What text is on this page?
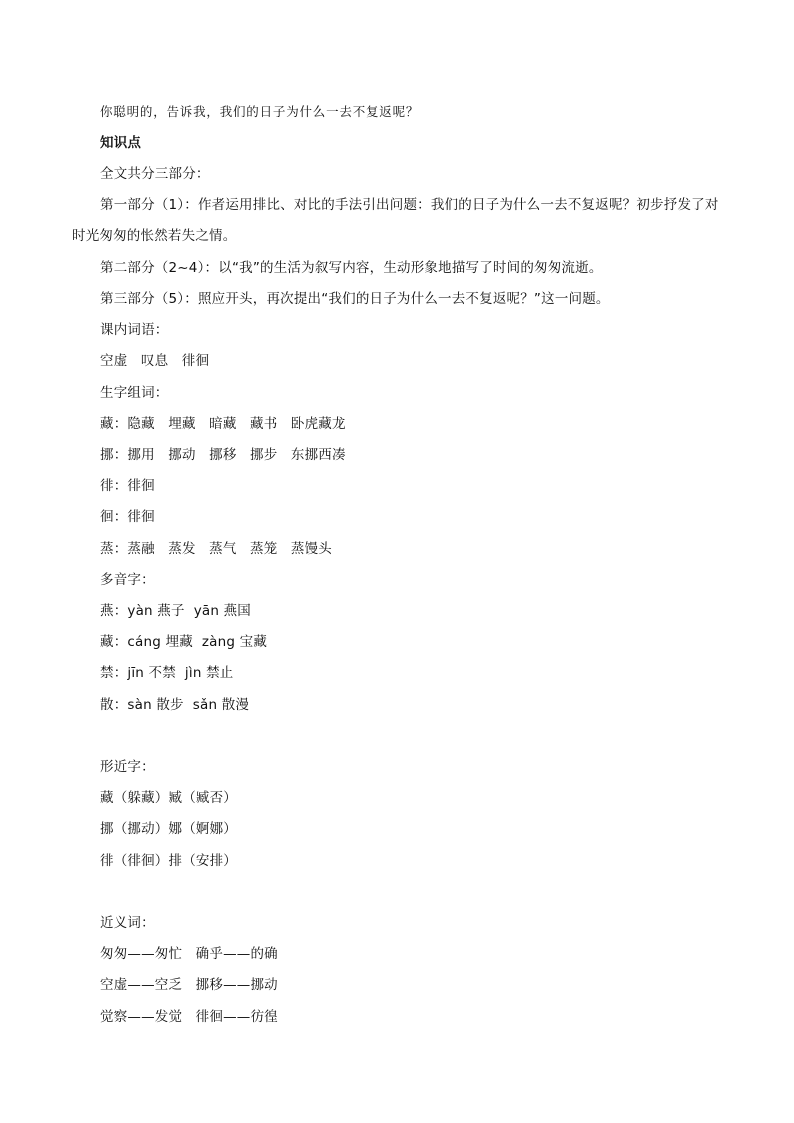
你聪明的，告诉我，我们的日子为什么一去不复返呢？
知识点
全文共分三部分：
第一部分（1）：作者运用排比、对比的手法引出问题：我们的日子为什么一去不复返呢？初步抒发了对时光匆匆的怅然若失之情。
第二部分（2~4）：以“我”的生活为叙写内容，生动形象地描写了时间的匆匆流逝。
第三部分（5）：照应开头，再次提出“我们的日子为什么一去不复返呢？”这一问题。
课内词语：
空虚   叹息   徘徊
生字组词：
藏：隐藏   埋藏   暗藏   藏书   卧虎藏龙
挪：挪用   挪动   挪移   挪步   东挪西凑
徘：徘徊
徊：徘徊
蒸：蒸融   蒸发   蒸气   蒸笼   蒸馒头
多音字：
燕：yàn 燕子  yān 燕国
藏：cáng 埋藏  zàng 宝藏
禁：jīn 不禁  jìn 禁止
散：sàn 散步  sǎn 散漫
形近字：
藏（躲藏）臧（臧否）
挪（挪动）娜（婀娜）
徘（徘徊）排（安排）
近义词：
匆匆——匆忙   确乎——的确
空虚——空乏   挪移——挪动
觉察——发觉   徘徊——彷徨
